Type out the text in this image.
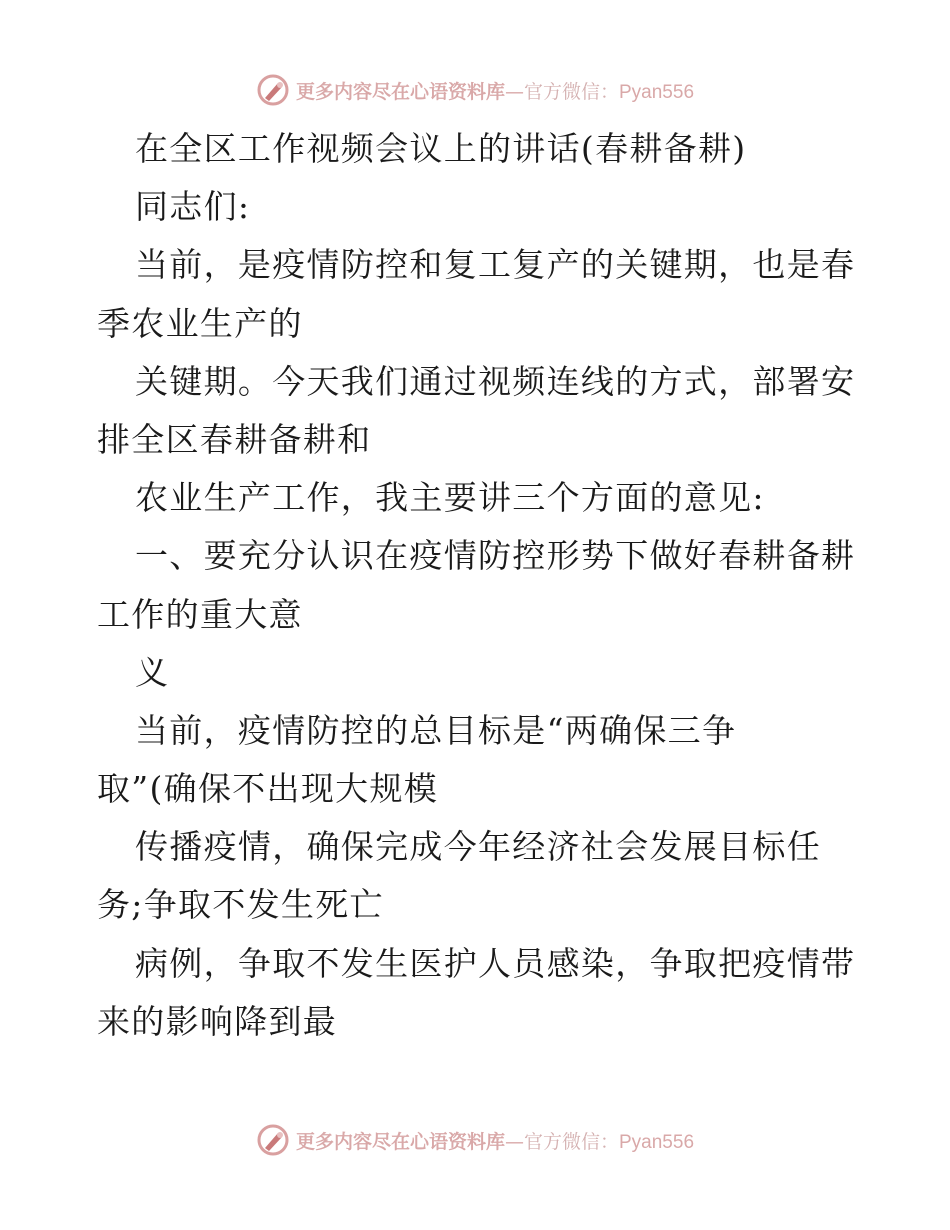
更多内容尽在心语资料库—官方微信：Pyan556
在全区工作视频会议上的讲话(春耕备耕)
同志们:
当前，是疫情防控和复工复产的关键期，也是春
季农业生产的
关键期。今天我们通过视频连线的方式，部署安
排全区春耕备耕和
农业生产工作，我主要讲三个方面的意见:
一、要充分认识在疫情防控形势下做好春耕备耕
工作的重大意
义
当前，疫情防控的总目标是“两确保三争
取”(确保不出现大规模
传播疫情，确保完成今年经济社会发展目标任
务;争取不发生死亡
病例，争取不发生医护人员感染，争取把疫情带
来的影响降到最
更多内容尽在心语资料库—官方微信：Pyan556
